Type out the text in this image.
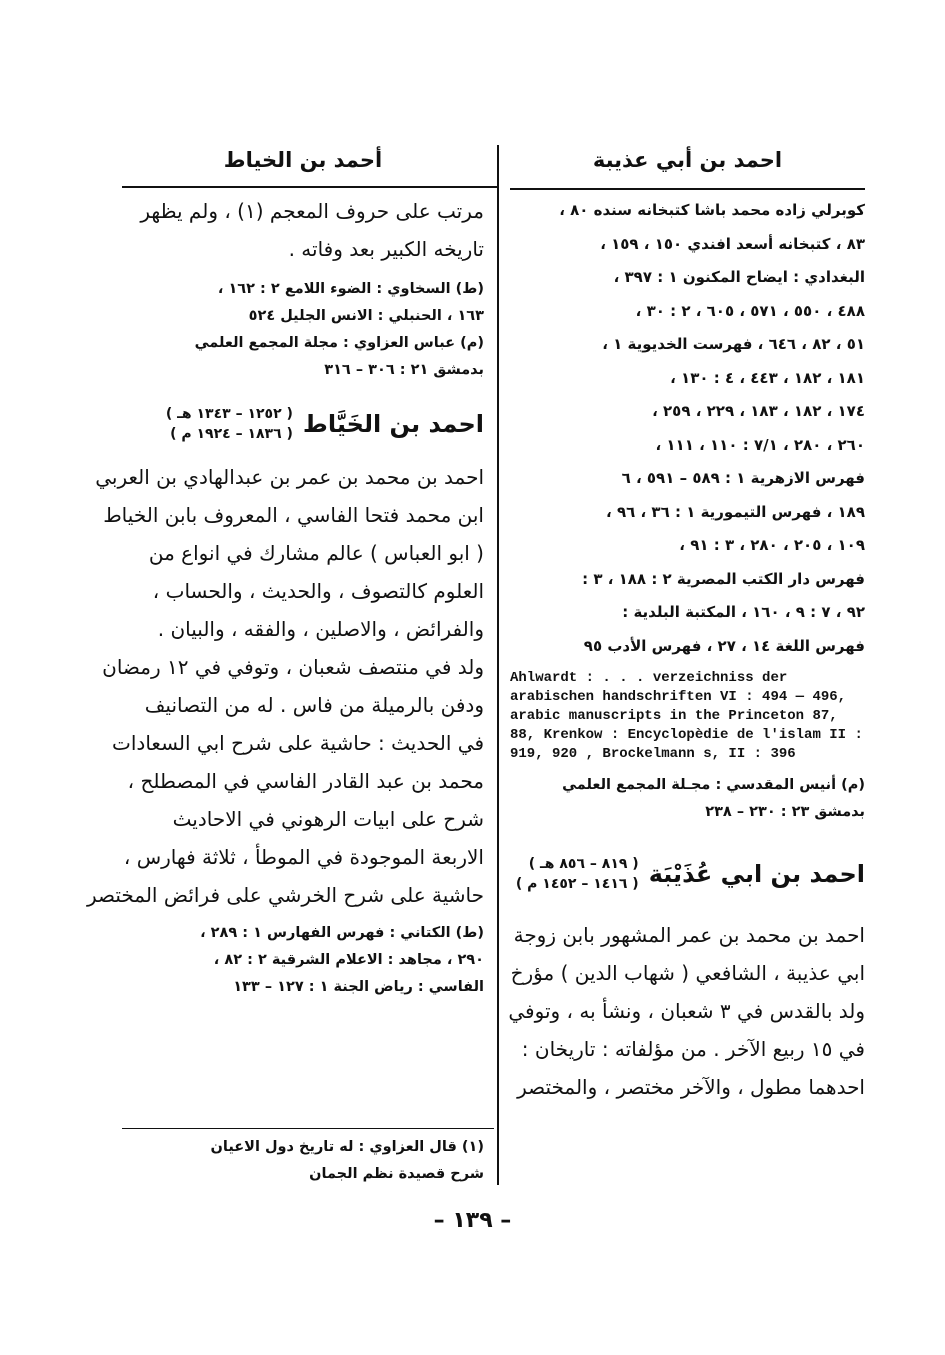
احمد بن أبي عذيبة
كوبرلي زاده محمد باشا كتبخانه سنده ٨٠ ،
٨٣ ، كتبخانه أسعد افندي ١٥٠ ، ١٥٩ ،
البغدادي : ايضاح المكنون ١ : ٣٩٧ ،
٤٨٨ ، ٥٥٠ ، ٥٧١ ، ٦٠٥ ، ٢ : ٣٠ ،
٥١ ، ٨٢ ، ٦٤٦ ، فهرست الخديوية ١ ،
١٨١ ، ١٨٢ ، ٤٤٣ ، ٤ : ١٣٠ ،
١٧٤ ، ١٨٢ ، ١٨٣ ، ٢٢٩ ، ٢٥٩ ،
٢٦٠ ، ٢٨٠ ، ٧/١ : ١١٠ ، ١١١ ،
فهرس الازهرية ١ : ٥٨٩ – ٥٩١ ، ٦
١٨٩ ، فهرس التيمورية ١ : ٣٦ ، ٩٦ ،
١٠٩ ، ٢٠٥ ، ٢٨٠ ، ٣ : ٩١ ،
فهرس دار الكتب المصرية ٢ : ١٨٨ ، ٣ :
٩٢ ، ٧ : ٩ ، ١٦٠ ، المكتبة البلدية :
فهرس اللغة ١٤ ، ٢٧ ، فهرس الأدب ٩٥
Ahlwardt : . . . verzeichniss der arabischen handschriften VI : 494 — 496, arabic manuscripts in the Princeton 87, 88, Krenkow : Encyclopèdie de l'islam II : 919, 920 , Brockelmann s, II : 396
(م) أنيس المقدسي : مجـلة المجمع العلمي
بدمشق ٢٣ : ٢٣٠ – ٢٣٨
احمد بن ابي عُذَيْبَة
( ٨١٩ – ٨٥٦ هـ )
( ١٤١٦ – ١٤٥٢ م )
احمد بن محمد بن عمر المشهور بابن زوجة
ابي عذيبة ، الشافعي ( شهاب الدين ) مؤرخ
ولد بالقدس في ٣ شعبان ، ونشأ به ، وتوفي
في ١٥ ربيع الآخر . من مؤلفاته : تاريخان :
احدهما مطول ، والآخر مختصر ، والمختصر
أحمد بن الخياط
مرتب على حروف المعجم (١) ، ولم يظهر
تاريخه الكبير بعد وفاته .
(ط) السخاوي : الضوء اللامع ٢ : ١٦٢ ،
١٦٣ ، الحنبلي : الانس الجليل ٥٢٤
(م) عباس العزاوي : مجلة المجمع العلمي
بدمشق ٢١ : ٣٠٦ – ٣١٦
احمد بن الخَيَّاط
( ١٢٥٢ – ١٣٤٣ هـ )
( ١٨٣٦ – ١٩٢٤ م )
احمد بن محمد بن عمر بن عبدالهادي بن العربي
ابن محمد فتحا الفاسي ، المعروف بابن الخياط
( ابو العباس ) عالم مشارك في انواع من
العلوم كالتصوف ، والحديث ، والحساب ،
والفرائض ، والاصلين ، والفقه ، والبيان .
ولد في منتصف شعبان ، وتوفي في ١٢ رمضان
ودفن بالرميلة من فاس . له من التصانيف
في الحديث : حاشية على شرح ابي السعادات
محمد بن عبد القادر الفاسي في المصطلح ،
شرح على ابيات الرهوني في الاحاديث
الاربعة الموجودة في الموطأ ، ثلاثة فهارس ،
حاشية على شرح الخرشي على فرائض المختصر
(ط) الكتاني : فهرس الفهارس ١ : ٢٨٩ ،
٢٩٠ ، مجاهد : الاعلام الشرقية ٢ : ٨٢ ،
الفاسي : رياض الجنة ١ : ١٢٧ – ١٣٣
(١) قال العزاوي : له تاريخ دول الاعيان
شرح قصيدة نظم الجمان
– ١٣٩ –
